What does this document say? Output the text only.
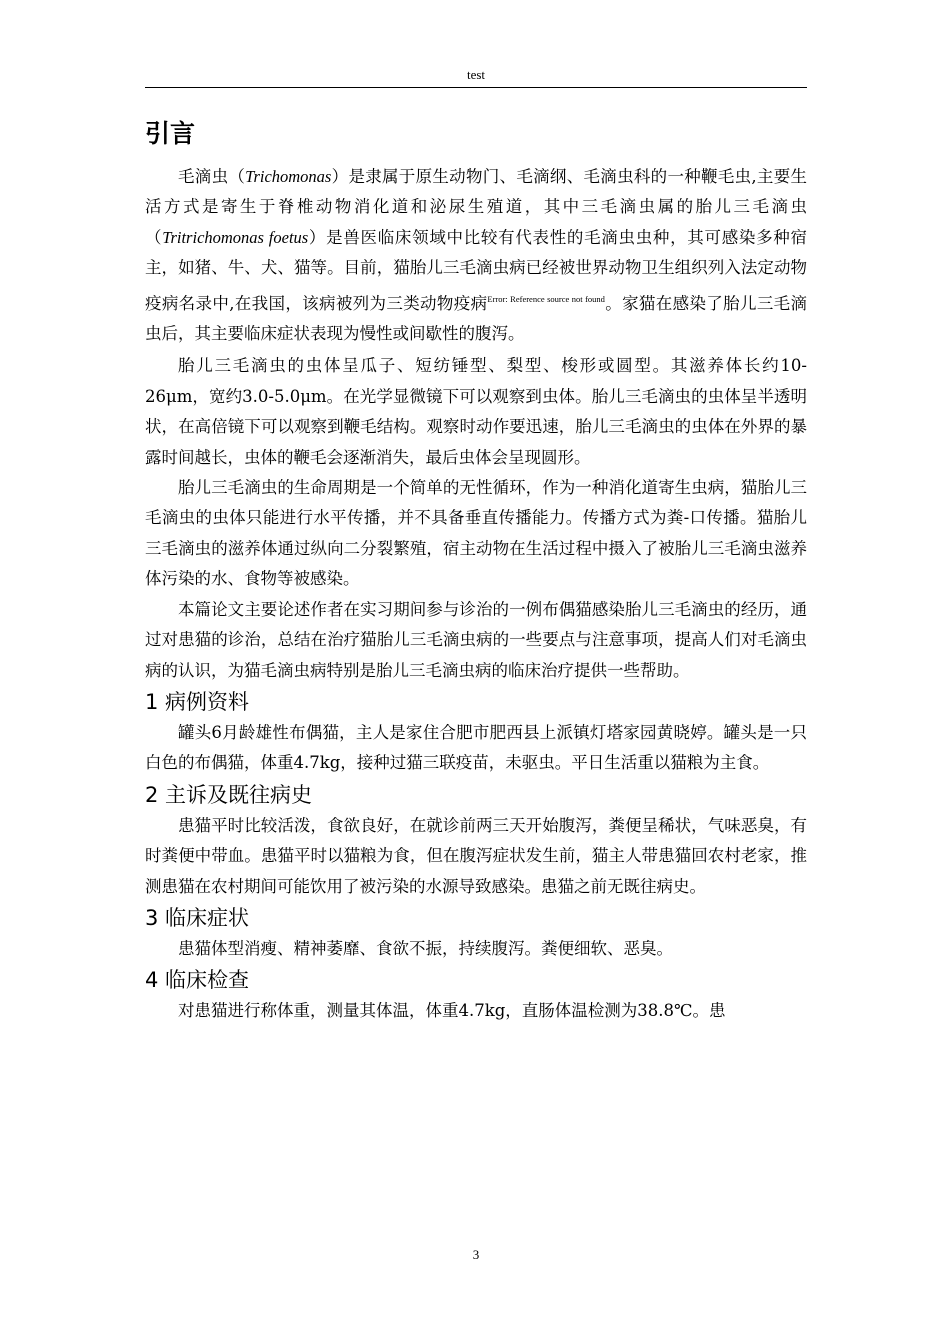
test
引言

毛滴虫（Trichomonas）是隶属于原生动物门、毛滴纲、毛滴虫科的一种鞭毛虫,主要生活方式是寄生于脊椎动物消化道和泌尿生殖道，其中三毛滴虫属的胎儿三毛滴虫（Tritrichomonas foetus）是兽医临床领域中比较有代表性的毛滴虫虫种，其可感染多种宿主，如猪、牛、犬、猫等。目前，猫胎儿三毛滴虫病已经被世界动物卫生组织列入法定动物疫病名录中,在我国，该病被列为三类动物疫病$^{Error: Reference source not found}$。家猫在感染了胎儿三毛滴虫后，其主要临床症状表现为慢性或间歇性的腹泻。

胎儿三毛滴虫的虫体呈瓜子、短纺锤型、梨型、梭形或圆型。其滋养体长约10-26μm，宽约3.0-5.0μm。在光学显微镜下可以观察到虫体。胎儿三毛滴虫的虫体呈半透明状，在高倍镜下可以观察到鞭毛结构。观察时动作要迅速，胎儿三毛滴虫的虫体在外界的暴露时间越长，虫体的鞭毛会逐渐消失，最后虫体会呈现圆形。

胎儿三毛滴虫的生命周期是一个简单的无性循环，作为一种消化道寄生虫病，猫胎儿三毛滴虫的虫体只能进行水平传播，并不具备垂直传播能力。传播方式为粪-口传播。猫胎儿三毛滴虫的滋养体通过纵向二分裂繁殖，宿主动物在生活过程中摄入了被胎儿三毛滴虫滋养体污染的水、食物等被感染。

本篇论文主要论述作者在实习期间参与诊治的一例布偶猫感染胎儿三毛滴虫的经历，通过对患猫的诊治，总结在治疗猫胎儿三毛滴虫病的一些要点与注意事项，提高人们对毛滴虫病的认识，为猫毛滴虫病特别是胎儿三毛滴虫病的临床治疗提供一些帮助。

1 病例资料

罐头6月龄雄性布偶猫，主人是家住合肥市肥西县上派镇灯塔家园黄晓婷。罐头是一只白色的布偶猫，体重4.7kg，接种过猫三联疫苗，未驱虫。平日生活重以猫粮为主食。

2 主诉及既往病史

患猫平时比较活泼，食欲良好，在就诊前两三天开始腹泻，粪便呈稀状，气味恶臭，有时粪便中带血。患猫平时以猫粮为食，但在腹泻症状发生前，猫主人带患猫回农村老家，推测患猫在农村期间可能饮用了被污染的水源导致感染。患猫之前无既往病史。

3 临床症状

患猫体型消瘦、精神萎靡、食欲不振，持续腹泻。粪便细软、恶臭。

4 临床检查

对患猫进行称体重，测量其体温，体重4.7kg，直肠体温检测为38.8℃。患

3
